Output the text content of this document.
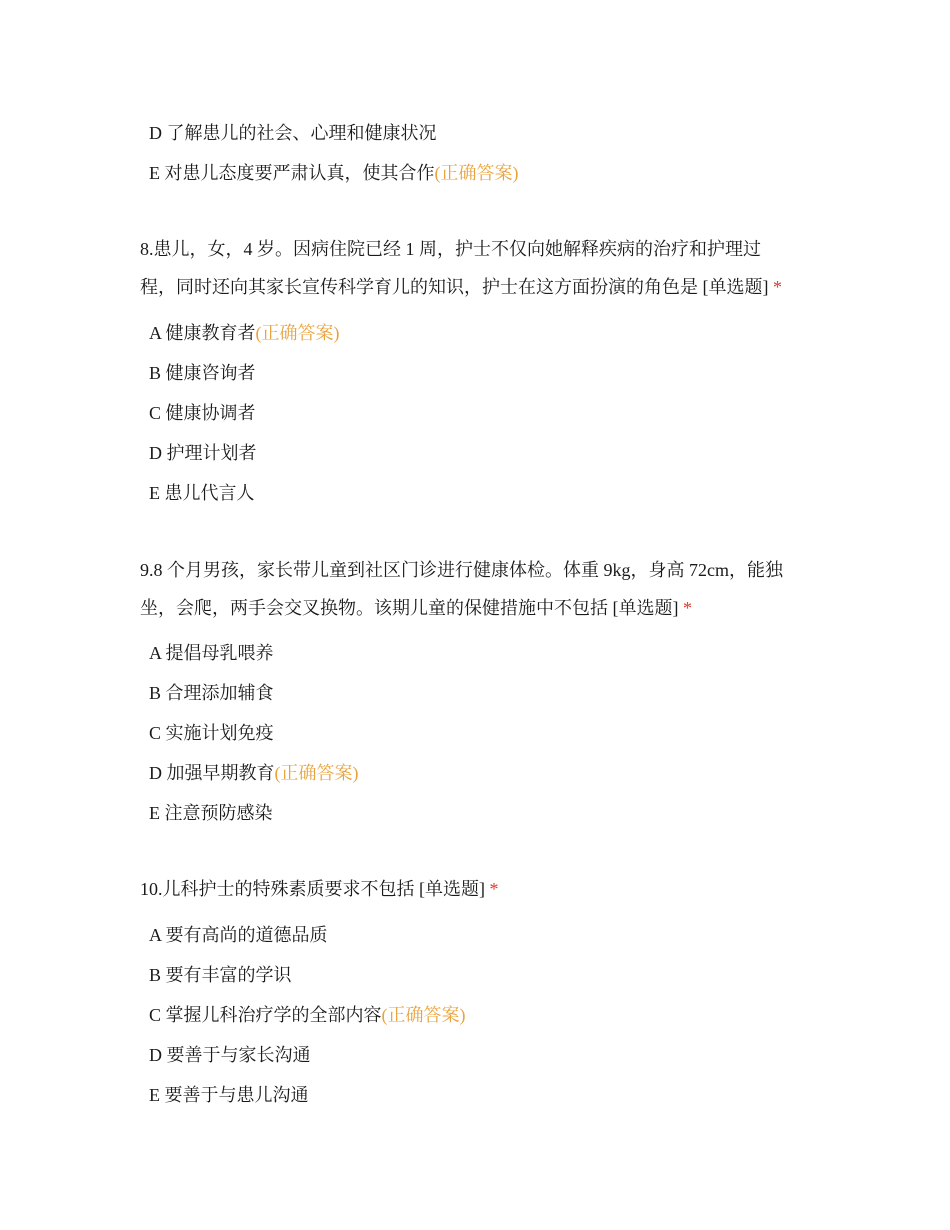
D 了解患儿的社会、心理和健康状况
E 对患儿态度要严肃认真，使其合作(正确答案)
8.患儿，女，4 岁。因病住院已经 1 周，护士不仅向她解释疾病的治疗和护理过
程，同时还向其家长宣传科学育儿的知识，护士在这方面扮演的角色是 [单选题] *
A 健康教育者(正确答案)
B 健康咨询者
C 健康协调者
D 护理计划者
E 患儿代言人
9.8 个月男孩，家长带儿童到社区门诊进行健康体检。体重 9kg，身高 72cm，能独
坐，会爬，两手会交叉换物。该期儿童的保健措施中不包括 [单选题] *
A 提倡母乳喂养
B 合理添加辅食
C 实施计划免疫
D 加强早期教育(正确答案)
E 注意预防感染
10.儿科护士的特殊素质要求不包括 [单选题] *
A 要有高尚的道德品质
B 要有丰富的学识
C 掌握儿科治疗学的全部内容(正确答案)
D 要善于与家长沟通
E 要善于与患儿沟通
